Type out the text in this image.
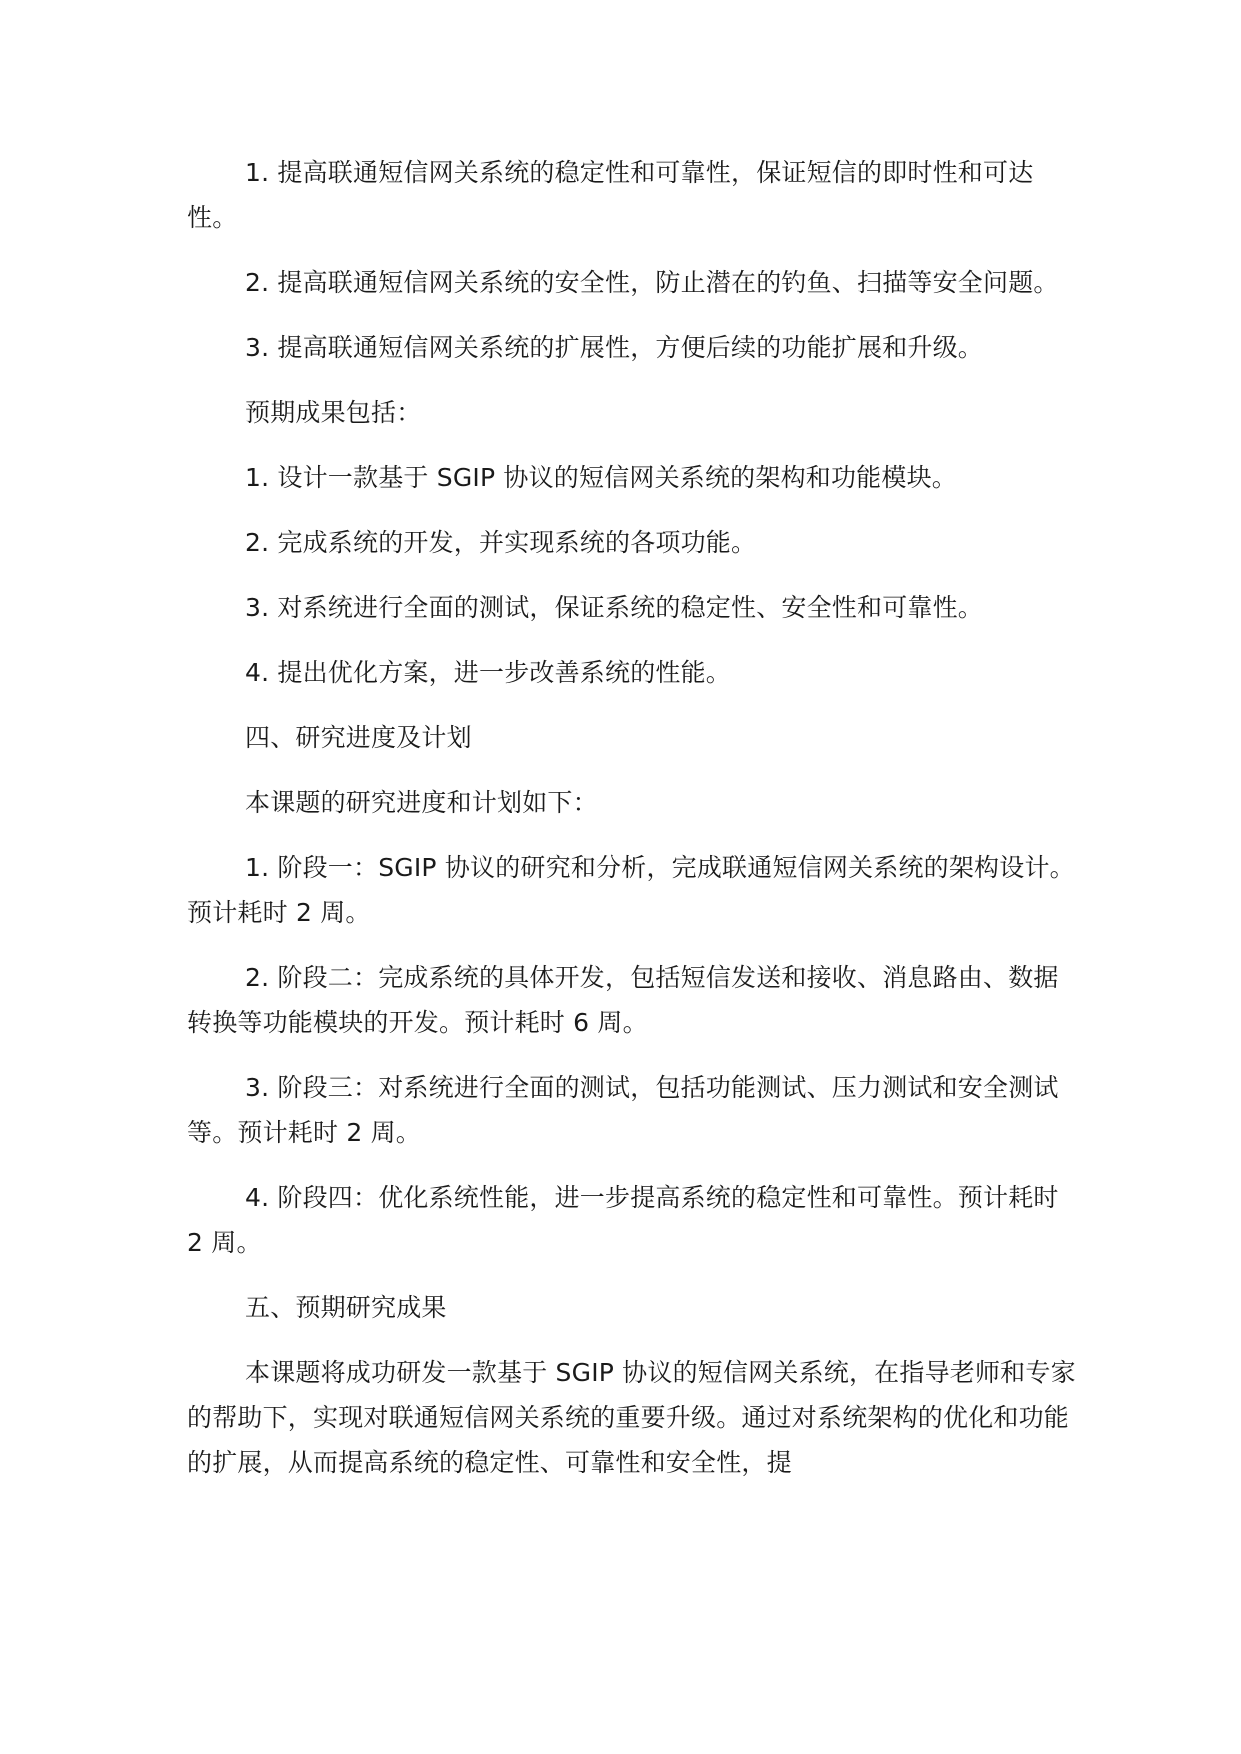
1. 提高联通短信网关系统的稳定性和可靠性，保证短信的即时性和可达性。

2. 提高联通短信网关系统的安全性，防止潜在的钓鱼、扫描等安全问题。

3. 提高联通短信网关系统的扩展性，方便后续的功能扩展和升级。

预期成果包括：

1. 设计一款基于 SGIP 协议的短信网关系统的架构和功能模块。

2. 完成系统的开发，并实现系统的各项功能。

3. 对系统进行全面的测试，保证系统的稳定性、安全性和可靠性。

4. 提出优化方案，进一步改善系统的性能。

四、研究进度及计划

本课题的研究进度和计划如下：

1. 阶段一：SGIP 协议的研究和分析，完成联通短信网关系统的架构设计。预计耗时 2 周。

2. 阶段二：完成系统的具体开发，包括短信发送和接收、消息路由、数据转换等功能模块的开发。预计耗时 6 周。

3. 阶段三：对系统进行全面的测试，包括功能测试、压力测试和安全测试等。预计耗时 2 周。

4. 阶段四：优化系统性能，进一步提高系统的稳定性和可靠性。预计耗时 2 周。

五、预期研究成果

本课题将成功研发一款基于 SGIP 协议的短信网关系统，在指导老师和专家的帮助下，实现对联通短信网关系统的重要升级。通过对系统架构的优化和功能的扩展，从而提高系统的稳定性、可靠性和安全性，提
